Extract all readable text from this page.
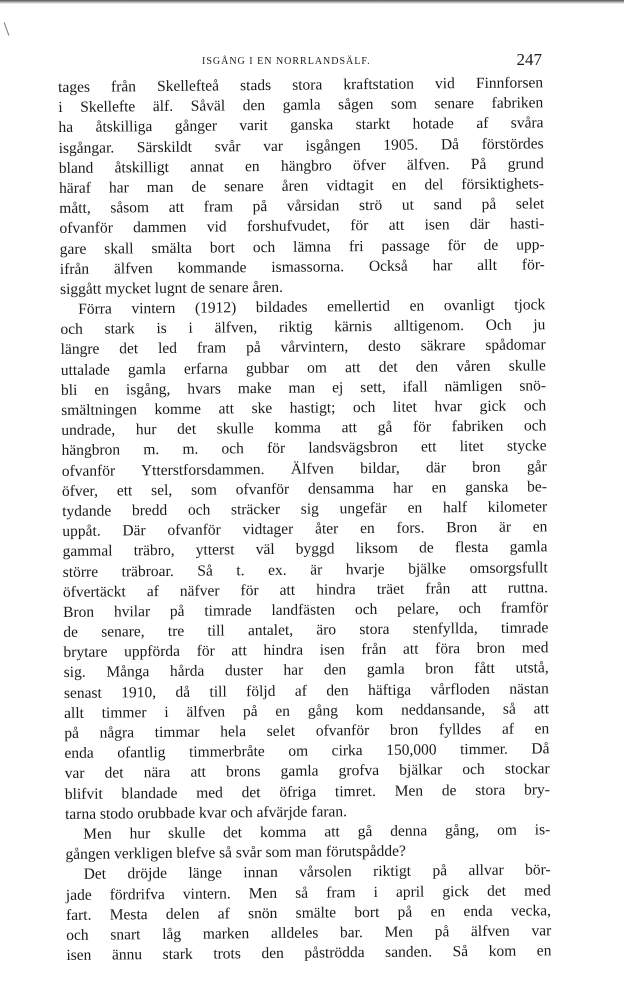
ISGÅNG I EN NORRLANDSÄLF.	247
tages från Skellefteå stads stora kraftstation vid Finnforsen
i Skellefte älf. Såväl den gamla sågen som senare fabriken
ha åtskilliga gånger varit ganska starkt hotade af svåra
isgångar. Särskildt svår var isgången 1905. Då förstördes
bland åtskilligt annat en hängbro öfver älfven. På grund
häraf har man de senare åren vidtagit en del försiktighets-
mått, såsom att fram på vårsidan strö ut sand på selet
ofvanför dammen vid forshufvudet, för att isen där hasti-
gare skall smälta bort och lämna fri passage för de upp-
ifrån älfven kommande ismassorna. Också har allt för-
siggått mycket lugnt de senare åren.
Förra vintern (1912) bildades emellertid en ovanligt tjock
och stark is i älfven, riktig kärnis alltigenom. Och ju
längre det led fram på vårvintern, desto säkrare spådomar
uttalade gamla erfarna gubbar om att det den våren skulle
bli en isgång, hvars make man ej sett, ifall nämligen snö-
smältningen komme att ske hastigt; och litet hvar gick och
undrade, hur det skulle komma att gå för fabriken och
hängbron m. m. och för landsvägsbron ett litet stycke
ofvanför Ytterstforsdammen. Älfven bildar, där bron går
öfver, ett sel, som ofvanför densamma har en ganska be-
tydande bredd och sträcker sig ungefär en half kilometer
uppåt. Där ofvanför vidtager åter en fors. Bron är en
gammal träbro, ytterst väl byggd liksom de flesta gamla
större träbroar. Så t. ex. är hvarje bjälke omsorgsfullt
öfvertäckt af näfver för att hindra träet från att ruttna.
Bron hvilar på timrade landfästen och pelare, och framför
de senare, tre till antalet, äro stora stenfyllda, timrade
brytare uppförda för att hindra isen från att föra bron med
sig. Många hårda duster har den gamla bron fått utstå,
senast 1910, då till följd af den häftiga vårfloden nästan
allt timmer i älfven på en gång kom neddansande, så att
på några timmar hela selet ofvanför bron fylldes af en
enda ofantlig timmerbråte om cirka 150,000 timmer. Då
var det nära att brons gamla grofva bjälkar och stockar
blifvit blandade med det öfriga timret. Men de stora bry-
tarna stodo orubbade kvar och afvärjde faran.
Men hur skulle det komma att gå denna gång, om is-
gången verkligen blefve så svår som man förutspådde?
Det dröjde länge innan vårsolen riktigt på allvar bör-
jade fördrifva vintern. Men så fram i april gick det med
fart. Mesta delen af snön smälte bort på en enda vecka,
och snart låg marken alldeles bar. Men på älfven var
isen ännu stark trots den påströdda sanden. Så kom en
